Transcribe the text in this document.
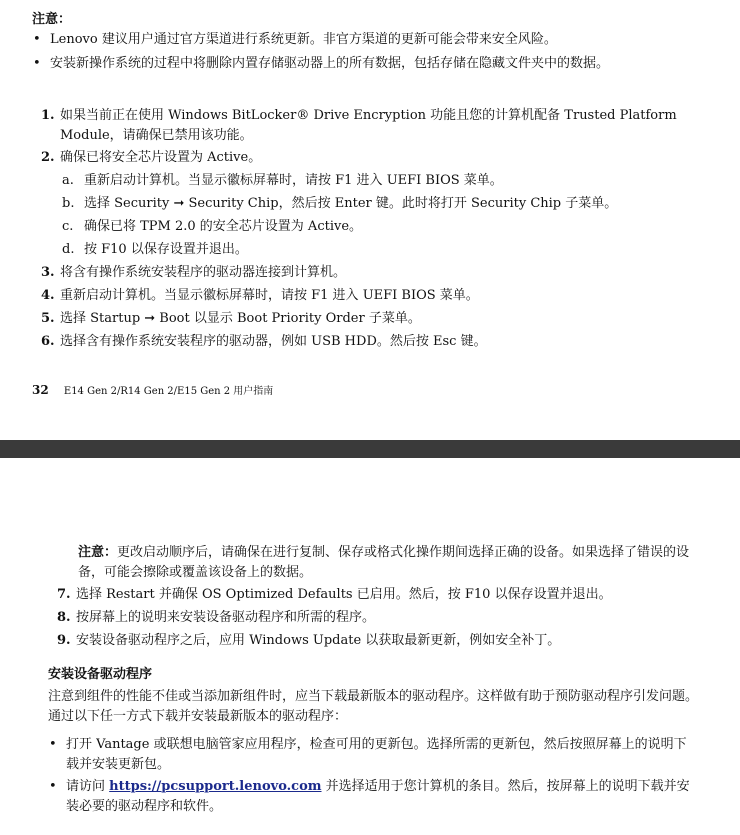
注意：
• Lenovo 建议用户通过官方渠道进行系统更新。非官方渠道的更新可能会带来安全风险。
• 安装新操作系统的过程中将删除内置存储驱动器上的所有数据，包括存储在隐藏文件夹中的数据。
1. 如果当前正在使用 Windows BitLocker® Drive Encryption 功能且您的计算机配备 Trusted Platform Module，请确保已禁用该功能。
2. 确保已将安全芯片设置为 Active。
a. 重新启动计算机。当显示徽标屏幕时，请按 F1 进入 UEFI BIOS 菜单。
b. 选择 Security ➞ Security Chip，然后按 Enter 键。此时将打开 Security Chip 子菜单。
c. 确保已将 TPM 2.0 的安全芯片设置为 Active。
d. 按 F10 以保存设置并退出。
3. 将含有操作系统安装程序的驱动器连接到计算机。
4. 重新启动计算机。当显示徽标屏幕时，请按 F1 进入 UEFI BIOS 菜单。
5. 选择 Startup ➞ Boot 以显示 Boot Priority Order 子菜单。
6. 选择含有操作系统安装程序的驱动器，例如 USB HDD。然后按 Esc 键。
32 E14 Gen 2/R14 Gen 2/E15 Gen 2 用户指南
注意：更改启动顺序后，请确保在进行复制、保存或格式化操作期间选择正确的设备。如果选择了错误的设备，可能会擦除或覆盖该设备上的数据。
7. 选择 Restart 并确保 OS Optimized Defaults 已启用。然后，按 F10 以保存设置并退出。
8. 按屏幕上的说明来安装设备驱动程序和所需的程序。
9. 安装设备驱动程序之后，应用 Windows Update 以获取最新更新，例如安全补丁。
安装设备驱动程序
注意到组件的性能不佳或当添加新组件时，应当下载最新版本的驱动程序。这样做有助于预防驱动程序引发问题。通过以下任一方式下载并安装最新版本的驱动程序：
• 打开 Vantage 或联想电脑管家应用程序，检查可用的更新包。选择所需的更新包，然后按照屏幕上的说明下载并安装更新包。
• 请访问 https://pcsupport.lenovo.com 并选择适用于您计算机的条目。然后，按屏幕上的说明下载并安装必要的驱动程序和软件。
